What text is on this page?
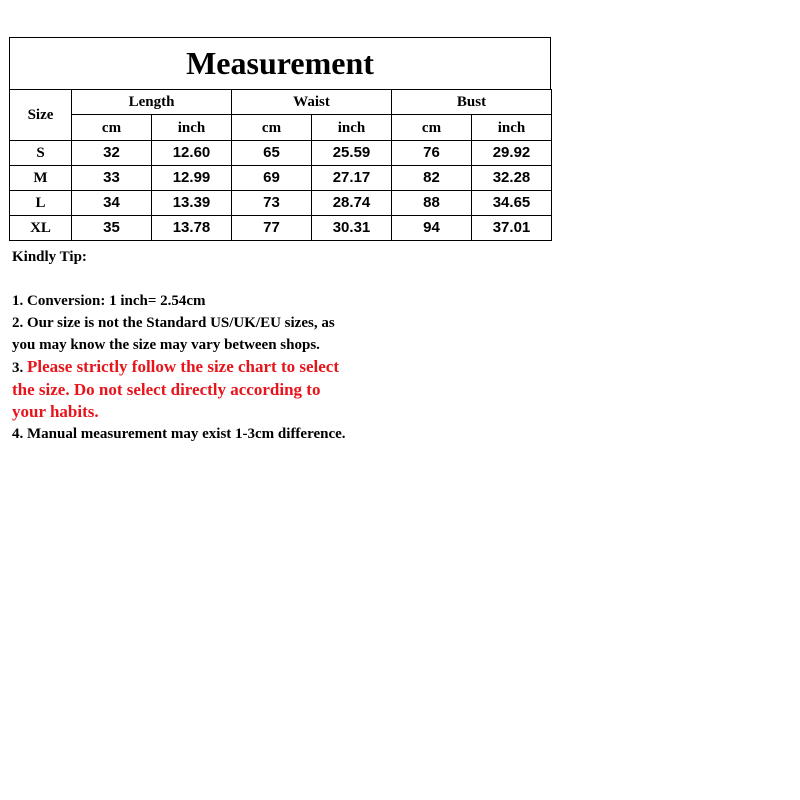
Measurement
Size	Length		Waist		Bust	
	cm	inch	cm	inch	cm	inch
S	32	12.60	65	25.59	76	29.92
M	33	12.99	69	27.17	82	32.28
L	34	13.39	73	28.74	88	34.65
XL	35	13.78	77	30.31	94	37.01

Kindly Tip:

1. Conversion: 1 inch= 2.54cm

2. Our size is not the Standard US/UK/EU sizes, as

you may know the size may vary between shops.

3. Please strictly follow the size chart to select

the size. Do not select directly according to

your habits.

4. Manual measurement may exist 1-3cm difference.
